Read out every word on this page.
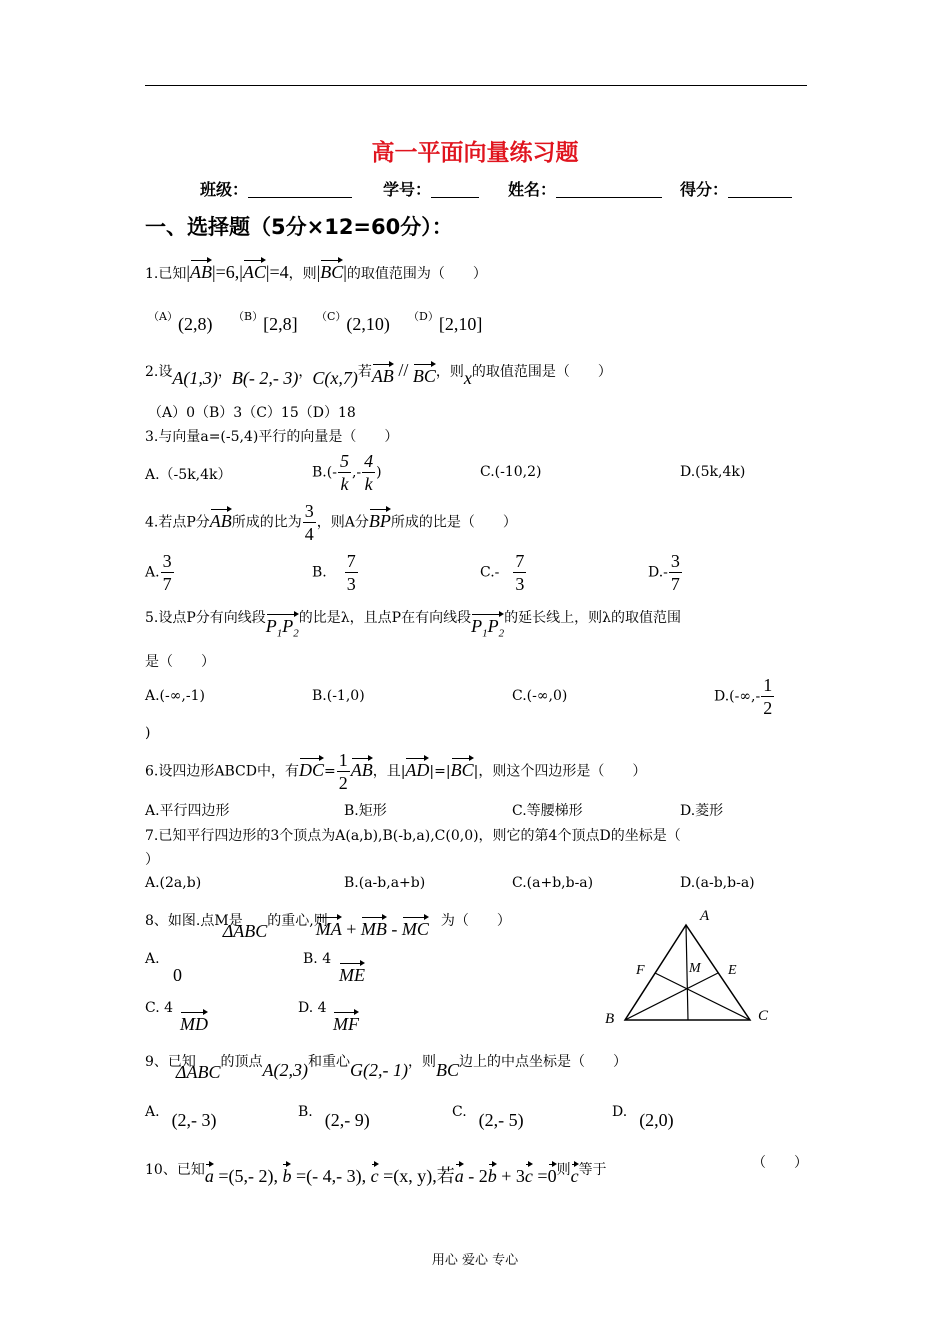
高一平面向量练习题
班级：	学号：	姓名：	得分：
一、选择题（5分×12=60分）：
1.已知|AB|=6,|AC|=4，则|BC|的取值范围为（　　）
（A）(2,8) （B）[2,8] （C）(2,10) （D）[2,10]
2.设A(1,3)，B(- 2,- 3)，C(x,7)若AB // BC，则x的取值范围是（　　）
（A）0（B）3（C）15（D）18
3.与向量a=(-5,4)平行的向量是（　　）
A.（-5k,4k）	$B.(- \frac{5}{k}$ ,- $\frac{4}{k}$ )	C.(-10,2)	D.(5k,4k)
4.若点P分AB所成的比为 $\frac{3}{4}$ ，则A分BP所成的比是（　　）
A. $\frac{3}{7}$	B. $\frac{7}{3}$	$C.- \frac{7}{3}$	$D.- \frac{3}{7}$
5.设点P分有向线段$P_1P_2$的比是λ，且点P在有向线段$P_1P_2$的延长线上，则λ的取值范围
是（　　）
A.(-∞,-1)	B.(-1,0)	C.(-∞,0)	$D.(-\infty,- \frac{1}{2}$
)
6.设四边形ABCD中，有$DC= \frac{1}{2}$ AB，且|AD|=|BC|，则这个四边形是（　　）
A.平行四边形	B.矩形	C.等腰梯形	D.菱形
7.已知平行四边形的3个顶点为A(a,b),B(-b,a),C(0,0)，则它的第4个顶点D的坐标是（
）
A.(2a,b)	B.(a-b,a+b)	C.(a+b,b-a)	D.(a-b,b-a)
8、如图.点M是ΔABC的重心,则MA + MB - MC 为（　　）
A.
0
B. 4
ME
C. 4
MD
D. 4
MF
A
B	C
E
F	M
9、已知ΔABC的顶点A(2,3)和重心G(2,- 1)，则BC边上的中点坐标是（　　）
A. (2,- 3)	B. (2,- 9)	C. (2,- 5)	D. (2,0)
10、已知a =(5,- 2), b =(- 4,- 3), c =(x, y),若a - 2b + 3c =0则c等于	（　　）
用心 爱心 专心
